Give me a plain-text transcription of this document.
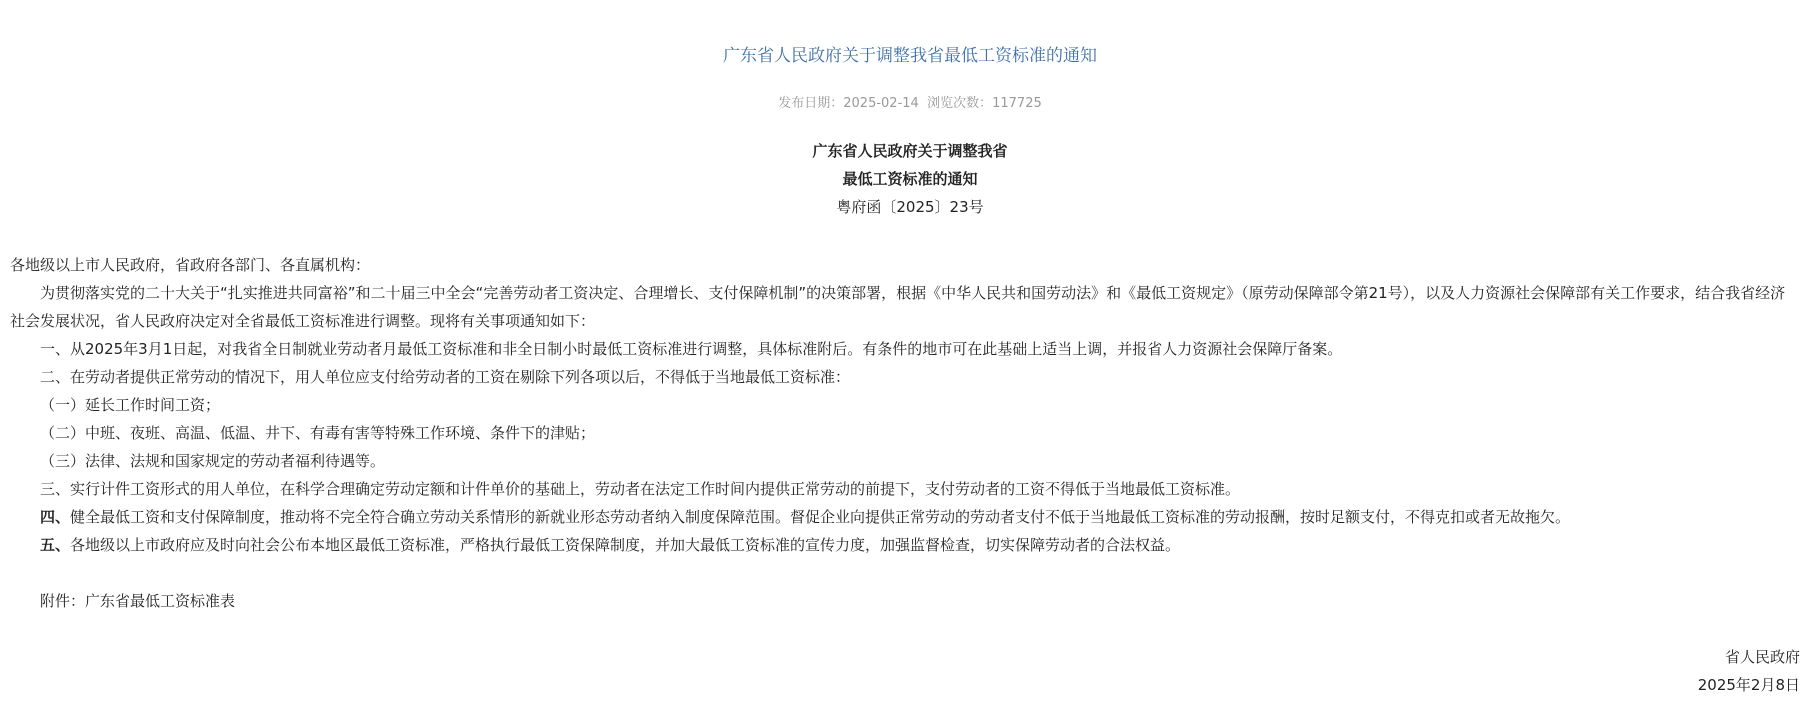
广东省人民政府关于调整我省最低工资标准的通知
发布日期：2025-02-14 浏览次数：117725
广东省人民政府关于调整我省
最低工资标准的通知
粤府函〔2025〕23号

各地级以上市人民政府，省政府各部门、各直属机构：

为贯彻落实党的二十大关于“扎实推进共同富裕”和二十届三中全会“完善劳动者工资决定、合理增长、支付保障机制”的决策部署，根据《中华人民共和国劳动法》和《最低工资规定》（原劳动保障部令第21号），以及人力资源社会保障部有关工作要求，结合我省经济社会发展状况，省人民政府决定对全省最低工资标准进行调整。现将有关事项通知如下：

一、从2025年3月1日起，对我省全日制就业劳动者月最低工资标准和非全日制小时最低工资标准进行调整，具体标准附后。有条件的地市可在此基础上适当上调，并报省人力资源社会保障厅备案。

二、在劳动者提供正常劳动的情况下，用人单位应支付给劳动者的工资在剔除下列各项以后，不得低于当地最低工资标准：

（一）延长工作时间工资；

（二）中班、夜班、高温、低温、井下、有毒有害等特殊工作环境、条件下的津贴；

（三）法律、法规和国家规定的劳动者福利待遇等。

三、实行计件工资形式的用人单位，在科学合理确定劳动定额和计件单价的基础上，劳动者在法定工作时间内提供正常劳动的前提下，支付劳动者的工资不得低于当地最低工资标准。

四、健全最低工资和支付保障制度，推动将不完全符合确立劳动关系情形的新就业形态劳动者纳入制度保障范围。督促企业向提供正常劳动的劳动者支付不低于当地最低工资标准的劳动报酬，按时足额支付，不得克扣或者无故拖欠。

五、各地级以上市政府应及时向社会公布本地区最低工资标准，严格执行最低工资保障制度，并加大最低工资标准的宣传力度，加强监督检查，切实保障劳动者的合法权益。

附件：广东省最低工资标准表

省人民政府
2025年2月8日
